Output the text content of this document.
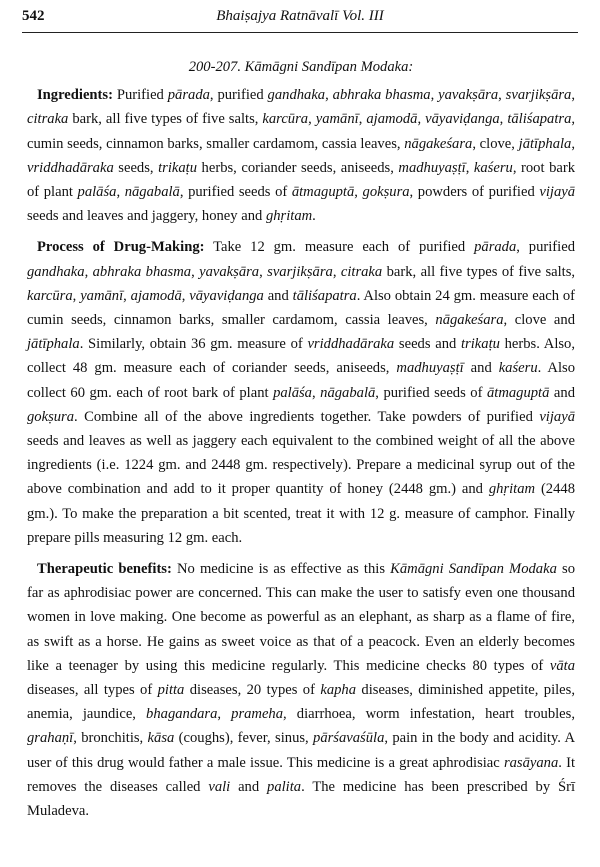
542	Bhaiṣajya Ratnāvalī Vol. III
200-207. Kāmāgni Sandīpan Modaka:

Ingredients: Purified pārada, purified gandhaka, abhraka bhasma, yavakṣāra, svarjikṣāra, citraka bark, all five types of five salts, karcūra, yamānī, ajamodā, vāyaviḍanga, tāliśapatra, cumin seeds, cinnamon barks, smaller cardamom, cassia leaves, nāgakeśara, clove, jātīphala, vriddhadāraka seeds, trikaṭu herbs, coriander seeds, aniseeds, madhuyaṣṭī, kaśeru, root bark of plant palāśa, nāgabalā, purified seeds of ātmaguptā, gokṣura, powders of purified vijayā seeds and leaves and jaggery, honey and ghṛitam.

Process of Drug-Making: Take 12 gm. measure each of purified pārada, purified gandhaka, abhraka bhasma, yavakṣāra, svarjikṣāra, citraka bark, all five types of five salts, karcūra, yamānī, ajamodā, vāyaviḍanga and tāliśapatra. Also obtain 24 gm. measure each of cumin seeds, cinnamon barks, smaller cardamom, cassia leaves, nāgakeśara, clove and jātīphala. Similarly, obtain 36 gm. measure of vriddhadāraka seeds and trikaṭu herbs. Also, collect 48 gm. measure each of coriander seeds, aniseeds, madhuyaṣṭī and kaśeru. Also collect 60 gm. each of root bark of plant palāśa, nāgabalā, purified seeds of ātmaguptā and gokṣura. Combine all of the above ingredients together. Take powders of purified vijayā seeds and leaves as well as jaggery each equivalent to the combined weight of all the above ingredients (i.e. 1224 gm. and 2448 gm. respectively). Prepare a medicinal syrup out of the above combination and add to it proper quantity of honey (2448 gm.) and ghṛitam (2448 gm.). To make the preparation a bit scented, treat it with 12 g. measure of camphor. Finally prepare pills measuring 12 gm. each.

Therapeutic benefits: No medicine is as effective as this Kāmāgni Sandīpan Modaka so far as aphrodisiac power are concerned. This can make the user to satisfy even one thousand women in love making. One become as powerful as an elephant, as sharp as a flame of fire, as swift as a horse. He gains as sweet voice as that of a peacock. Even an elderly becomes like a teenager by using this medicine regularly. This medicine checks 80 types of vāta diseases, all types of pitta diseases, 20 types of kapha diseases, diminished appetite, piles, anemia, jaundice, bhagandara, prameha, diarrhoea, worm infestation, heart troubles, grahaṇī, bronchitis, kāsa (coughs), fever, sinus, pārśavaśūla, pain in the body and acidity. A user of this drug would father a male issue. This medicine is a great aphrodisiac rasāyana. It removes the diseases called vali and palita. The medicine has been prescribed by Śrī Muladeva.
